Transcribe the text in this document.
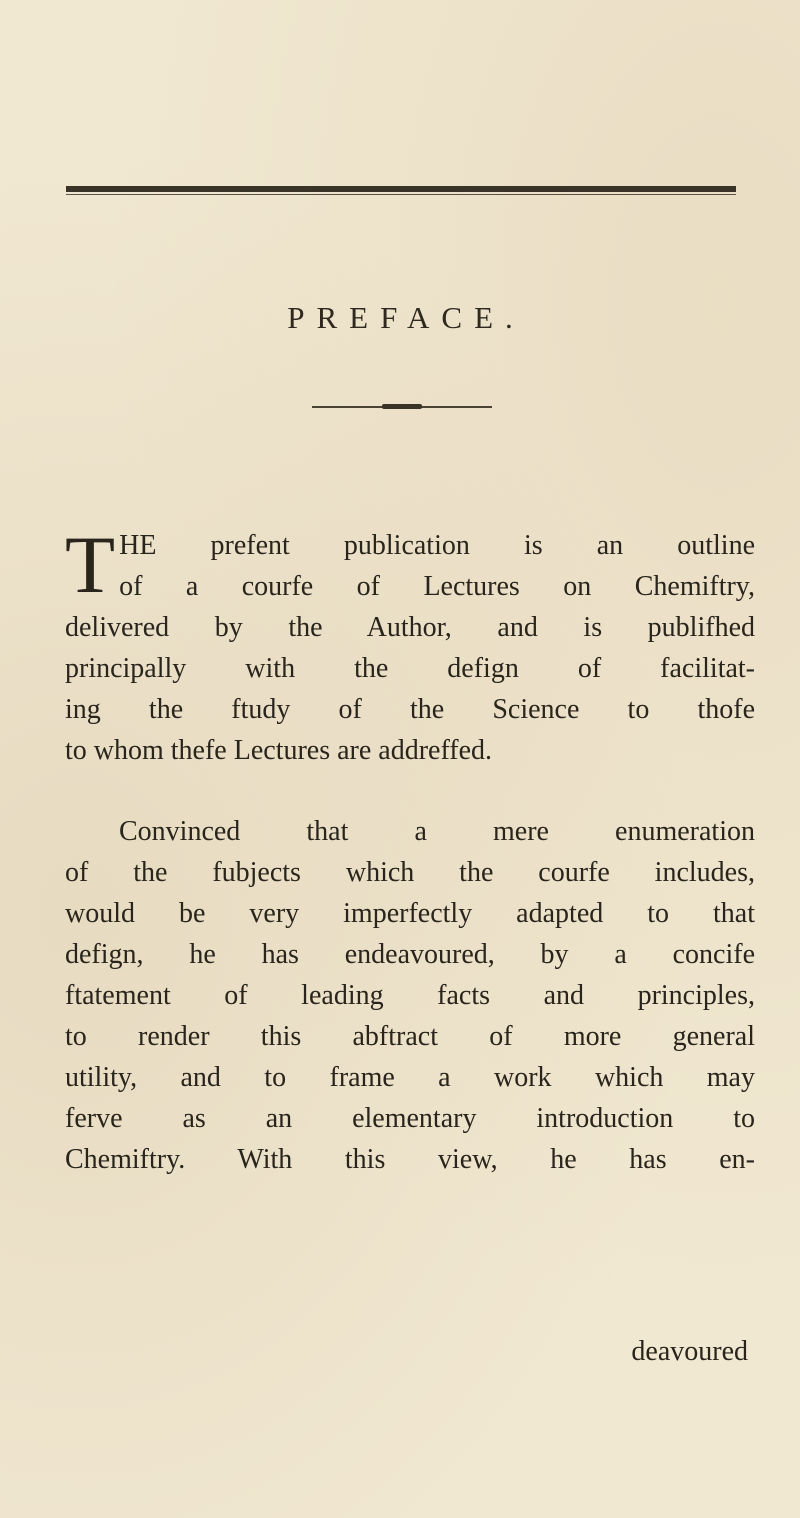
PREFACE.
T HE prefent publication is an outline
of a courfe of Lectures on Chemiftry,
delivered by the Author, and is publifhed
principally with the defign of facilitat-
ing the ftudy of the Science to thofe
to whom thefe Lectures are addreffed.
Convinced that a mere enumeration
of the fubjects which the courfe includes,
would be very imperfectly adapted to that
defign, he has endeavoured, by a concife
ftatement of leading facts and principles,
to render this abftract of more general
utility, and to frame a work which may
ferve as an elementary introduction to
Chemiftry. With this view, he has en-
deavoured
